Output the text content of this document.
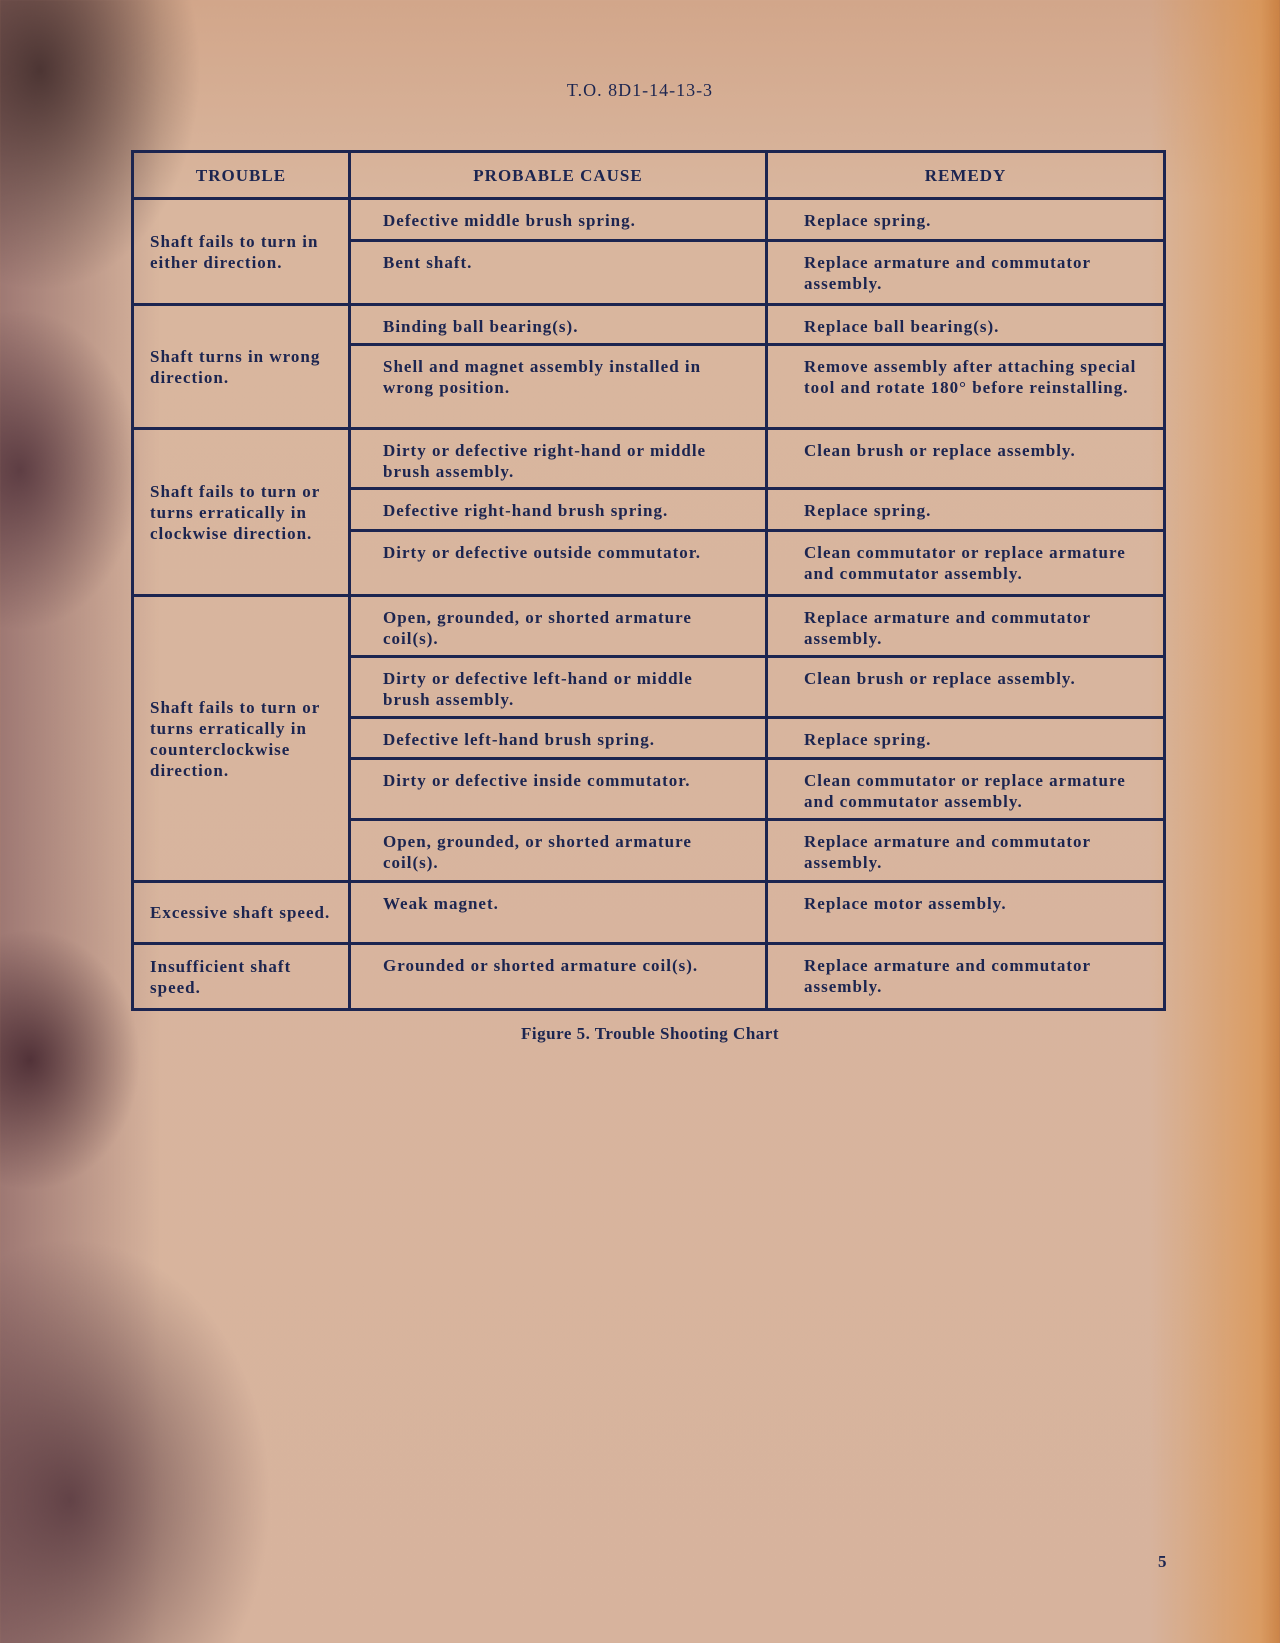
T.O. 8D1-14-13-3
TROUBLE	PROBABLE CAUSE	REMEDY
Shaft fails to turn in either direction.	Defective middle brush spring.	Replace spring.
	Bent shaft.	Replace armature and commutator assembly.
Shaft turns in wrong direction.	Binding ball bearing(s).	Replace ball bearing(s).
	Shell and magnet assembly installed in wrong position.	Remove assembly after attaching special tool and rotate 180° before reinstalling.
Shaft fails to turn or turns erratically in clockwise direction.	Dirty or defective right-hand or middle brush assembly.	Clean brush or replace assembly.
	Defective right-hand brush spring.	Replace spring.
	Dirty or defective outside commutator.	Clean commutator or replace armature and commutator assembly.
Shaft fails to turn or turns erratically in counterclockwise direction.	Open, grounded, or shorted armature coil(s).	Replace armature and commutator assembly.
	Dirty or defective left-hand or middle brush assembly.	Clean brush or replace assembly.
	Defective left-hand brush spring.	Replace spring.
	Dirty or defective inside commutator.	Clean commutator or replace armature and commutator assembly.
	Open, grounded, or shorted armature coil(s).	Replace armature and commutator assembly.
Excessive shaft speed.	Weak magnet.	Replace motor assembly.
Insufficient shaft speed.	Grounded or shorted armature coil(s).	Replace armature and commutator assembly.
Figure 5. Trouble Shooting Chart
5
